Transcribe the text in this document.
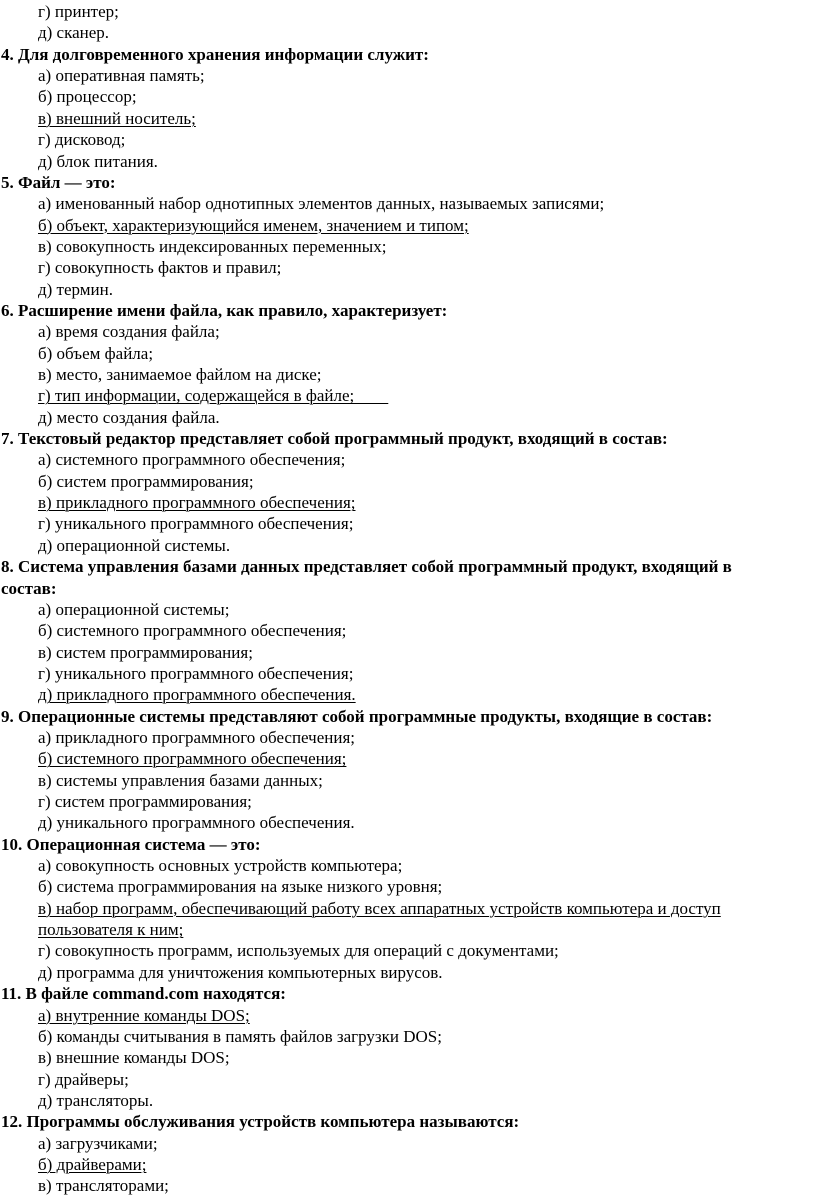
г) принтер;
д) сканер.
4. Для долговременного хранения информации служит:
а) оперативная память;
б) процессор;
в) внешний носитель;
г) дисковод;
д) блок питания.
5. Файл — это:
а) именованный набор однотипных элементов данных, называемых записями;
б) объект, характеризующийся именем, значением и типом;
в) совокупность индексированных переменных;
г) совокупность фактов и правил;
д) термин.
6. Расширение имени файла, как правило, характеризует:
а) время создания файла;
б) объем файла;
в) место, занимаемое файлом на диске;
г) тип информации, содержащейся в файле;
д) место создания файла.
7. Текстовый редактор представляет собой программный продукт, входящий в состав:
а) системного программного обеспечения;
б) систем программирования;
в) прикладного программного обеспечения;
г) уникального программного обеспечения;
д) операционной системы.
8. Система управления базами данных представляет собой программный продукт, входящий в
состав:
а) операционной системы;
б) системного программного обеспечения;
в) систем программирования;
г) уникального программного обеспечения;
д) прикладного программного обеспечения.
9. Операционные системы представляют собой программные продукты, входящие в состав:
а) прикладного программного обеспечения;
б) системного программного обеспечения;
в) системы управления базами данных;
г) систем программирования;
д) уникального программного обеспечения.
10. Операционная система — это:
а) совокупность основных устройств компьютера;
б) система программирования на языке низкого уровня;
в) набор программ, обеспечивающий работу всех аппаратных устройств компьютера и доступ
пользователя к ним;
г) совокупность программ, используемых для операций с документами;
д) программа для уничтожения компьютерных вирусов.
11. В файле command.com находятся:
а) внутренние команды DOS;
б) команды считывания в память файлов загрузки DOS;
в) внешние команды DOS;
г) драйверы;
д) трансляторы.
12. Программы обслуживания устройств компьютера называются:
а) загрузчиками;
б) драйверами;
в) трансляторами;
